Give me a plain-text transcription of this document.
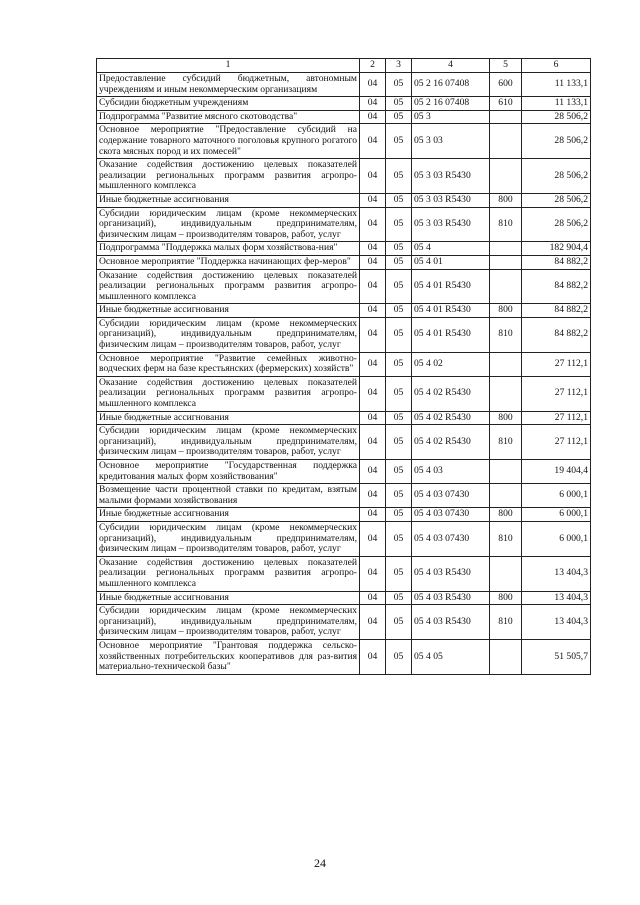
1	2	3	4	5	6
Предоставление субсидий бюджетным, автономным учреждениям и иным некоммерческим организациям	04	05	05 2 16 07408	600	11 133,1
Субсидии бюджетным учреждениям	04	05	05 2 16 07408	610	11 133,1
Подпрограмма "Развитие мясного скотоводства"	04	05	05 3		28 506,2
Основное мероприятие "Предоставление субсидий на содержание товарного маточного поголовья крупного рогатого скота мясных пород и их помесей"	04	05	05 3 03		28 506,2
Оказание содействия достижению целевых показателей реализации региональных программ развития агропро-мышленного комплекса	04	05	05 3 03 R5430		28 506,2
Иные бюджетные ассигнования	04	05	05 3 03 R5430	800	28 506,2
Субсидии юридическим лицам (кроме некоммерческих организаций), индивидуальным предпринимателям, физическим лицам – производителям товаров, работ, услуг	04	05	05 3 03 R5430	810	28 506,2
Подпрограмма "Поддержка малых форм хозяйствова-ния"	04	05	05 4		182 904,4
Основное мероприятие "Поддержка начинающих фер-меров"	04	05	05 4 01		84 882,2
Оказание содействия достижению целевых показателей реализации региональных программ развития агропро-мышленного комплекса	04	05	05 4 01 R5430		84 882,2
Иные бюджетные ассигнования	04	05	05 4 01 R5430	800	84 882,2
Субсидии юридическим лицам (кроме некоммерческих организаций), индивидуальным предпринимателям, физическим лицам – производителям товаров, работ, услуг	04	05	05 4 01 R5430	810	84 882,2
Основное мероприятие "Развитие семейных животно-водческих ферм на базе крестьянских (фермерских) хозяйств"	04	05	05 4 02		27 112,1
Оказание содействия достижению целевых показателей реализации региональных программ развития агропро-мышленного комплекса	04	05	05 4 02 R5430		27 112,1
Иные бюджетные ассигнования	04	05	05 4 02 R5430	800	27 112,1
Субсидии юридическим лицам (кроме некоммерческих организаций), индивидуальным предпринимателям, физическим лицам – производителям товаров, работ, услуг	04	05	05 4 02 R5430	810	27 112,1
Основное мероприятие "Государственная поддержка кредитования малых форм хозяйствования"	04	05	05 4 03		19 404,4
Возмещение части процентной ставки по кредитам, взятым малыми формами хозяйствования	04	05	05 4 03 07430		6 000,1
Иные бюджетные ассигнования	04	05	05 4 03 07430	800	6 000,1
Субсидии юридическим лицам (кроме некоммерческих организаций), индивидуальным предпринимателям, физическим лицам – производителям товаров, работ, услуг	04	05	05 4 03 07430	810	6 000,1
Оказание содействия достижению целевых показателей реализации региональных программ развития агропро-мышленного комплекса	04	05	05 4 03 R5430		13 404,3
Иные бюджетные ассигнования	04	05	05 4 03 R5430	800	13 404,3
Субсидии юридическим лицам (кроме некоммерческих организаций), индивидуальным предпринимателям, физическим лицам – производителям товаров, работ, услуг	04	05	05 4 03 R5430	810	13 404,3
Основное мероприятие "Грантовая поддержка сельско-хозяйственных потребительских кооперативов для раз-вития материально-технической базы"	04	05	05 4 05		51 505,7
24
